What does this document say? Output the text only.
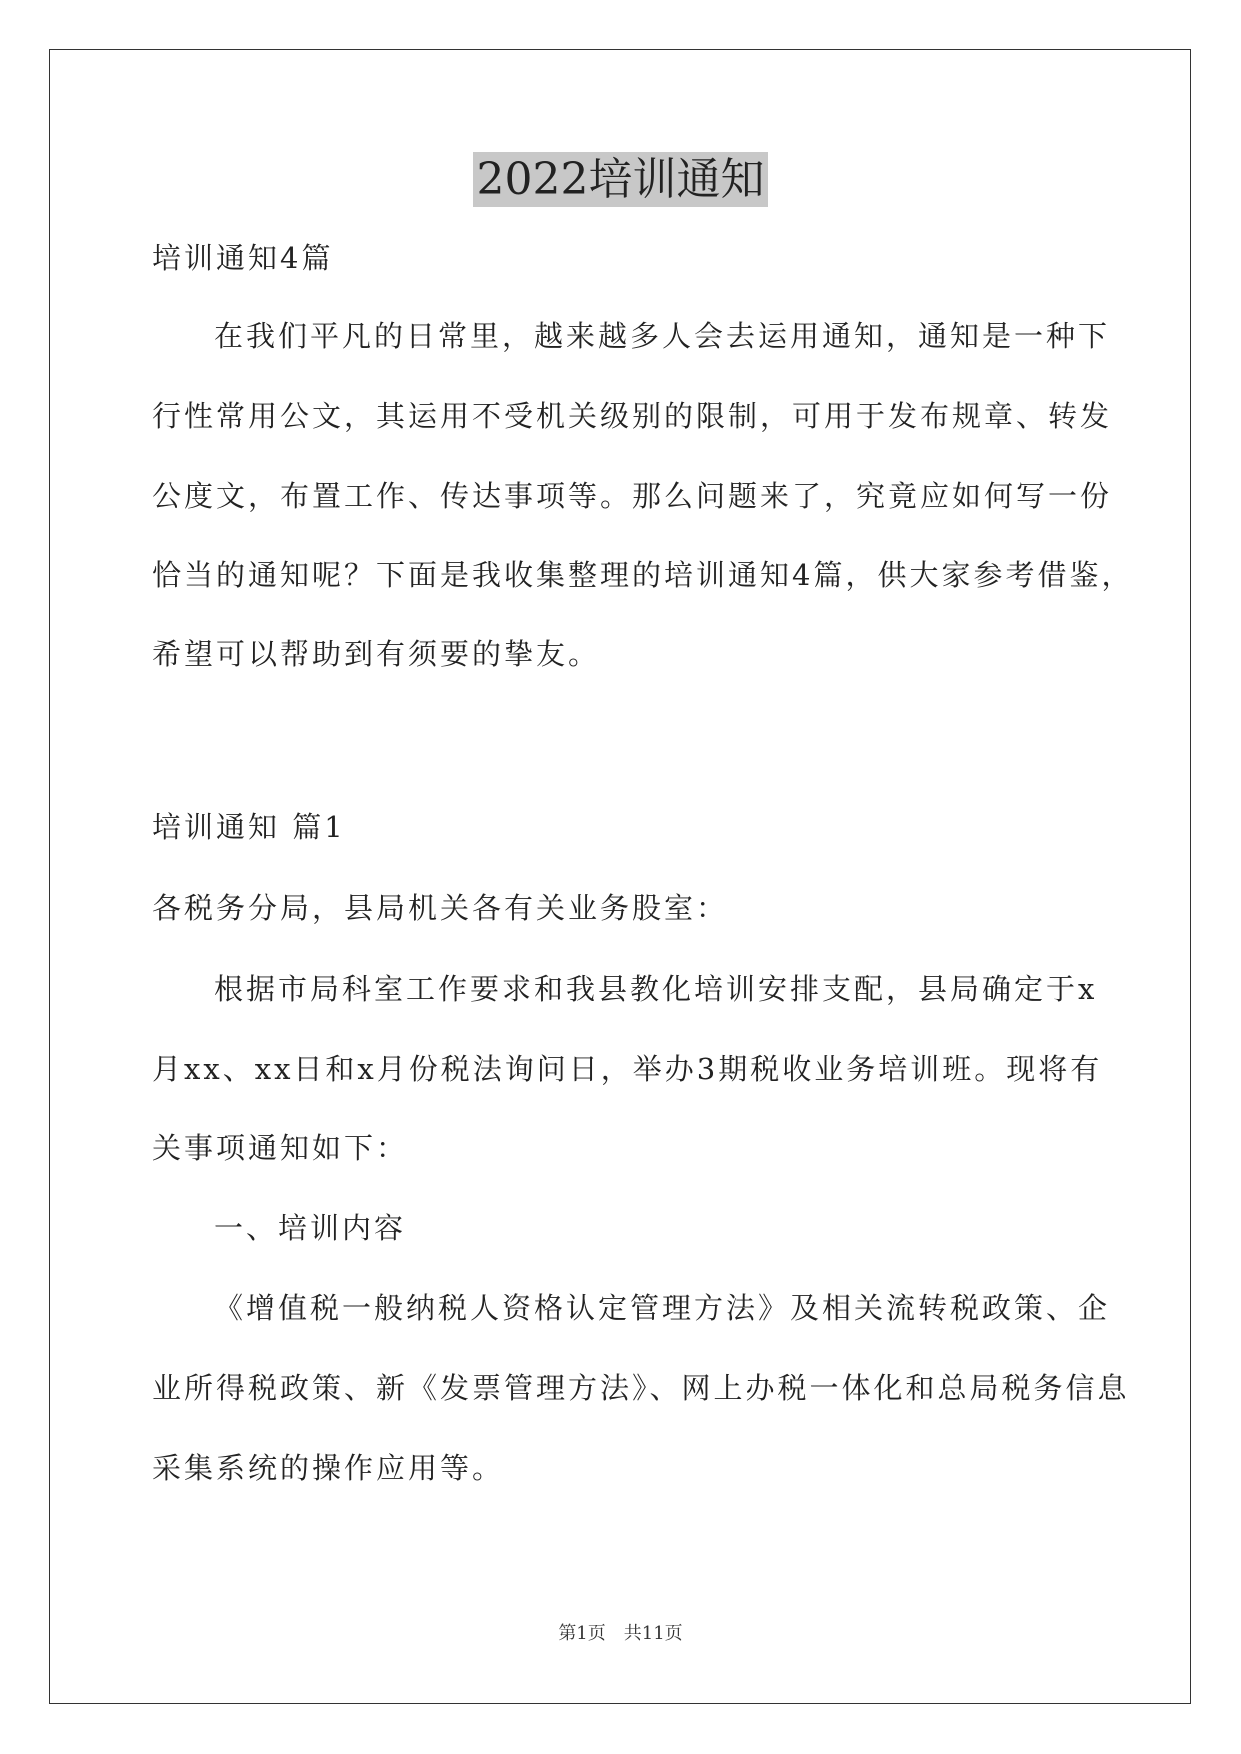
2022培训通知

培训通知4篇

在我们平凡的日常里，越来越多人会去运用通知，通知是一种下

行性常用公文，其运用不受机关级别的限制，可用于发布规章、转发

公度文，布置工作、传达事项等。那么问题来了，究竟应如何写一份

恰当的通知呢？下面是我收集整理的培训通知4篇，供大家参考借鉴，

希望可以帮助到有须要的挚友。

培训通知 篇1

各税务分局，县局机关各有关业务股室：

根据市局科室工作要求和我县教化培训安排支配，县局确定于x

月xx、xx日和x月份税法询问日，举办3期税收业务培训班。现将有

关事项通知如下：

一、培训内容

《增值税一般纳税人资格认定管理方法》及相关流转税政策、企

业所得税政策、新《发票管理方法》、网上办税一体化和总局税务信息

采集系统的操作应用等。

第1页　共11页
